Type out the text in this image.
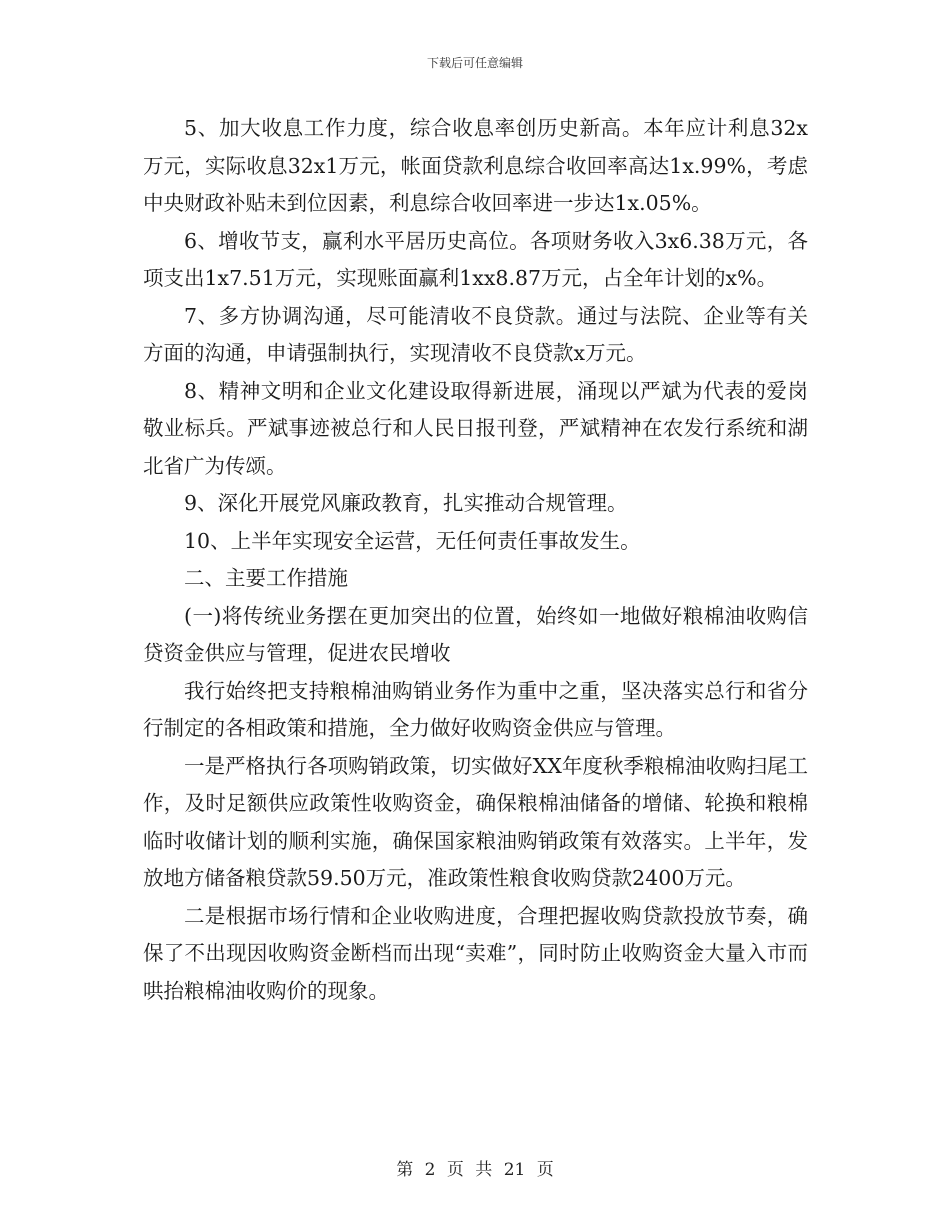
下载后可任意编辑

5、加大收息工作力度，综合收息率创历史新高。本年应计利息32x万元，实际收息32x1万元，帐面贷款利息综合收回率高达1x.99%，考虑中央财政补贴未到位因素，利息综合收回率进一步达1x.05%。

6、增收节支，赢利水平居历史高位。各项财务收入3x6.38万元，各项支出1x7.51万元，实现账面赢利1xx8.87万元，占全年计划的x%。

7、多方协调沟通，尽可能清收不良贷款。通过与法院、企业等有关方面的沟通，申请强制执行，实现清收不良贷款x万元。

8、精神文明和企业文化建设取得新进展，涌现以严斌为代表的爱岗敬业标兵。严斌事迹被总行和人民日报刊登，严斌精神在农发行系统和湖北省广为传颂。

9、深化开展党风廉政教育，扎实推动合规管理。

10、上半年实现安全运营，无任何责任事故发生。

二、主要工作措施

(一)将传统业务摆在更加突出的位置，始终如一地做好粮棉油收购信贷资金供应与管理，促进农民增收

我行始终把支持粮棉油购销业务作为重中之重，坚决落实总行和省分行制定的各相政策和措施，全力做好收购资金供应与管理。

一是严格执行各项购销政策，切实做好XX年度秋季粮棉油收购扫尾工作，及时足额供应政策性收购资金，确保粮棉油储备的增储、轮换和粮棉临时收储计划的顺利实施，确保国家粮油购销政策有效落实。上半年，发放地方储备粮贷款59.50万元，准政策性粮食收购贷款2400万元。

二是根据市场行情和企业收购进度，合理把握收购贷款投放节奏，确保了不出现因收购资金断档而出现“卖难”，同时防止收购资金大量入市而哄抬粮棉油收购价的现象。

第 2 页 共 21 页
